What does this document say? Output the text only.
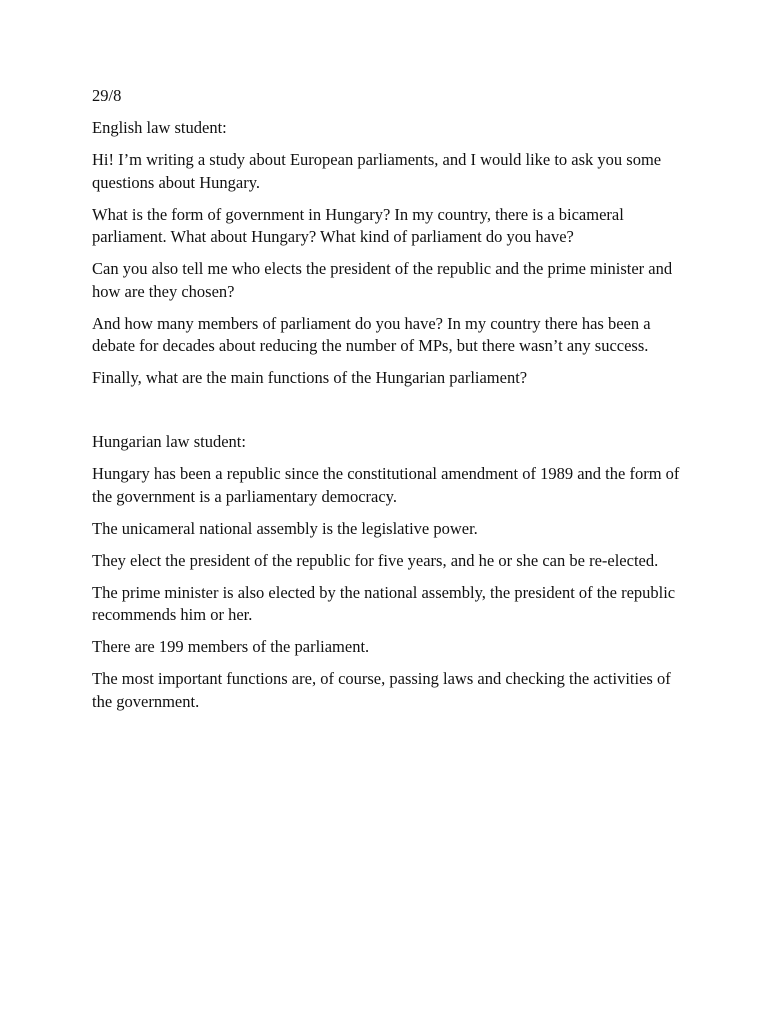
29/8

English law student:

Hi! I’m writing a study about European parliaments, and I would like to ask you some questions about Hungary.

What is the form of government in Hungary? In my country, there is a bicameral parliament. What about Hungary? What kind of parliament do you have?

Can you also tell me who elects the president of the republic and the prime minister and how are they chosen?

And how many members of parliament do you have? In my country there has been a debate for decades about reducing the number of MPs, but there wasn’t any success.

Finally, what are the main functions of the Hungarian parliament?

Hungarian law student:

Hungary has been a republic since the constitutional amendment of 1989 and the form of the government is a parliamentary democracy.

The unicameral national assembly is the legislative power.

They elect the president of the republic for five years, and he or she can be re-elected.

The prime minister is also elected by the national assembly, the president of the republic recommends him or her.

There are 199 members of the parliament.

The most important functions are, of course, passing laws and checking the activities of the government.
